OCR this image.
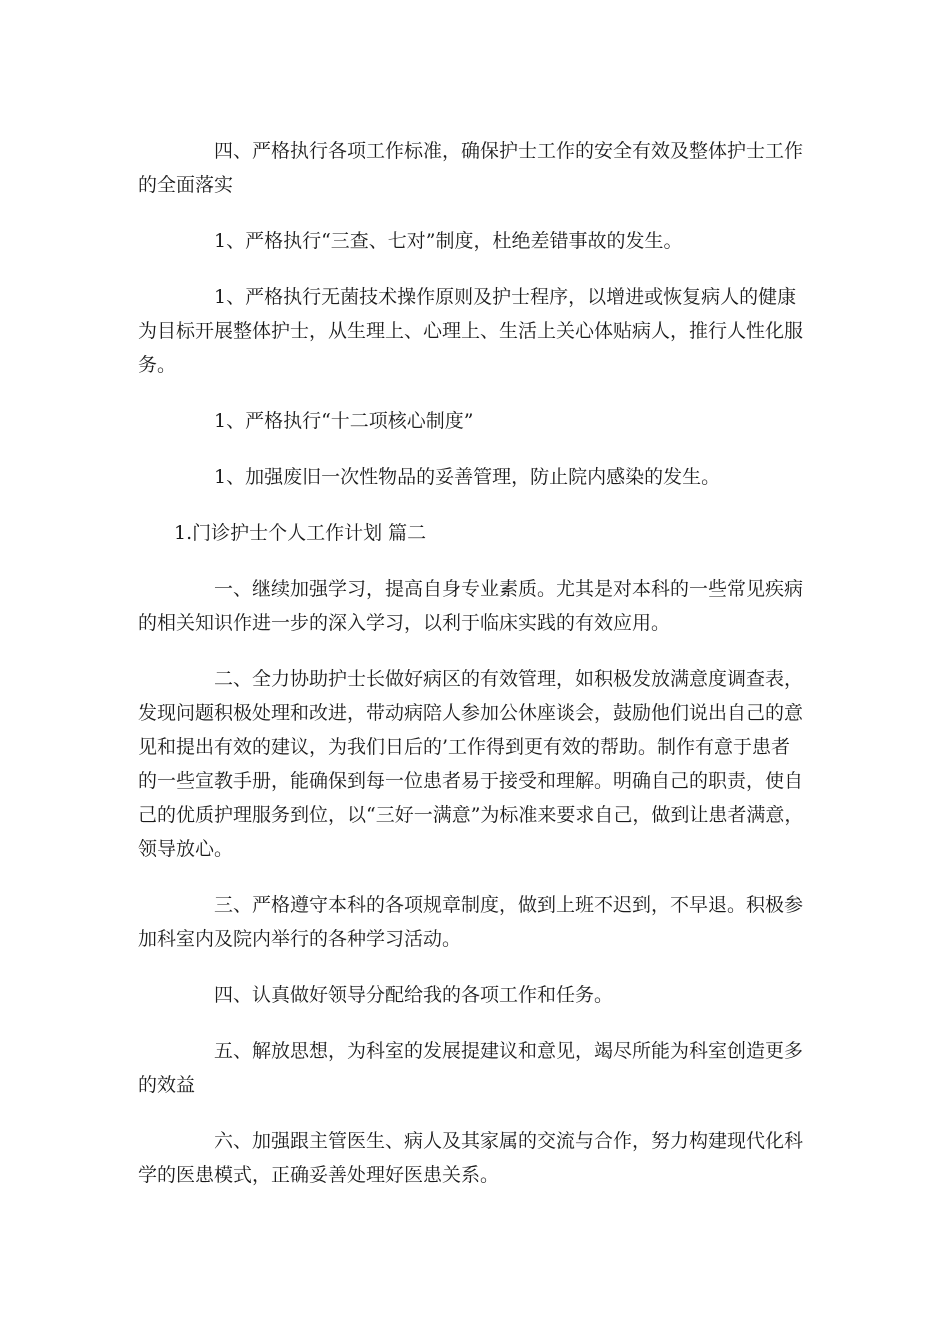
四、严格执行各项工作标准，确保护士工作的安全有效及整体护士工作
的全面落实

1、严格执行“三查、七对”制度，杜绝差错事故的发生。

1、严格执行无菌技术操作原则及护士程序，以增进或恢复病人的健康
为目标开展整体护士，从生理上、心理上、生活上关心体贴病人，推行人性化服
务。

1、严格执行“十二项核心制度”

1、加强废旧一次性物品的妥善管理，防止院内感染的发生。

1.门诊护士个人工作计划 篇二

一、继续加强学习，提高自身专业素质。尤其是对本科的一些常见疾病
的相关知识作进一步的深入学习，以利于临床实践的有效应用。

二、全力协助护士长做好病区的有效管理，如积极发放满意度调查表，
发现问题积极处理和改进，带动病陪人参加公休座谈会，鼓励他们说出自己的意
见和提出有效的建议，为我们日后的’工作得到更有效的帮助。制作有意于患者
的一些宣教手册，能确保到每一位患者易于接受和理解。明确自己的职责，使自
己的优质护理服务到位，以“三好一满意”为标准来要求自己，做到让患者满意，
领导放心。

三、严格遵守本科的各项规章制度，做到上班不迟到，不早退。积极参
加科室内及院内举行的各种学习活动。

四、认真做好领导分配给我的各项工作和任务。

五、解放思想，为科室的发展提建议和意见，竭尽所能为科室创造更多
的效益

六、加强跟主管医生、病人及其家属的交流与合作，努力构建现代化科
学的医患模式，正确妥善处理好医患关系。
